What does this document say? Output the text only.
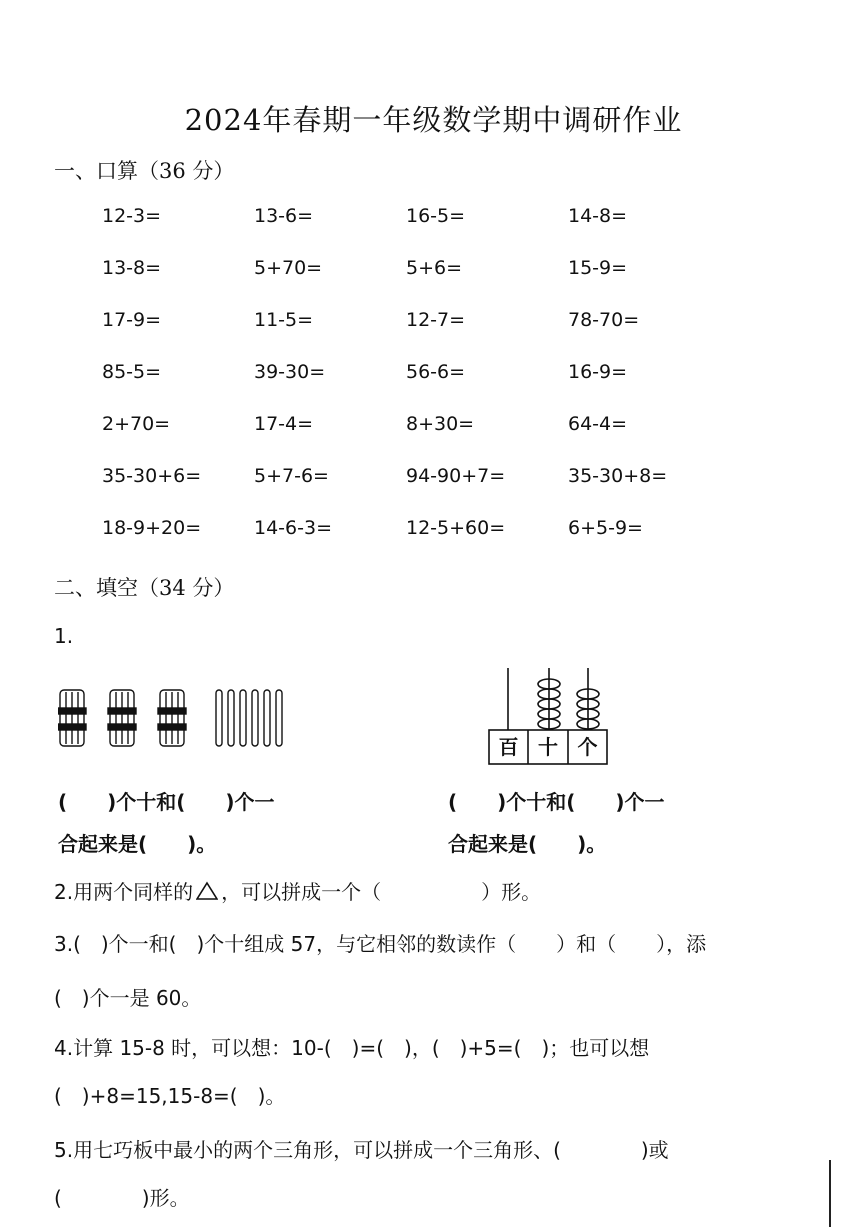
2024年春期一年级数学期中调研作业
一、口算（36 分）
12-3=	13-6=	16-5=	14-8=
13-8=	5+70=	5+6=	15-9=
17-9=	11-5=	12-7=	78-70=
85-5=	39-30=	56-6=	16-9=
2+70=	17-4=	8+30=	64-4=
35-30+6=	5+7-6=	94-90+7=	35-30+8=
18-9+20=	14-6-3=	12-5+60=	6+5-9=
二、填空（34 分）
1.
百 十 个
(　　)个十和(　　)个一
合起来是(　　)。
(　　)个十和(　　)个一
合起来是(　　)。
2.用两个同样的 ，可以拼成一个（　　　　　）形。
3.(　)个一和(　)个十组成 57，与它相邻的数读作（　　）和（　　），添
(　)个一是 60。
4.计算 15-8 时，可以想：10-(　)=(　)，(　)+5=(　)；也可以想
(　)+8=15,15-8=(　)。
5.用七巧板中最小的两个三角形，可以拼成一个三角形、(　　　　)或
(　　　　)形。
